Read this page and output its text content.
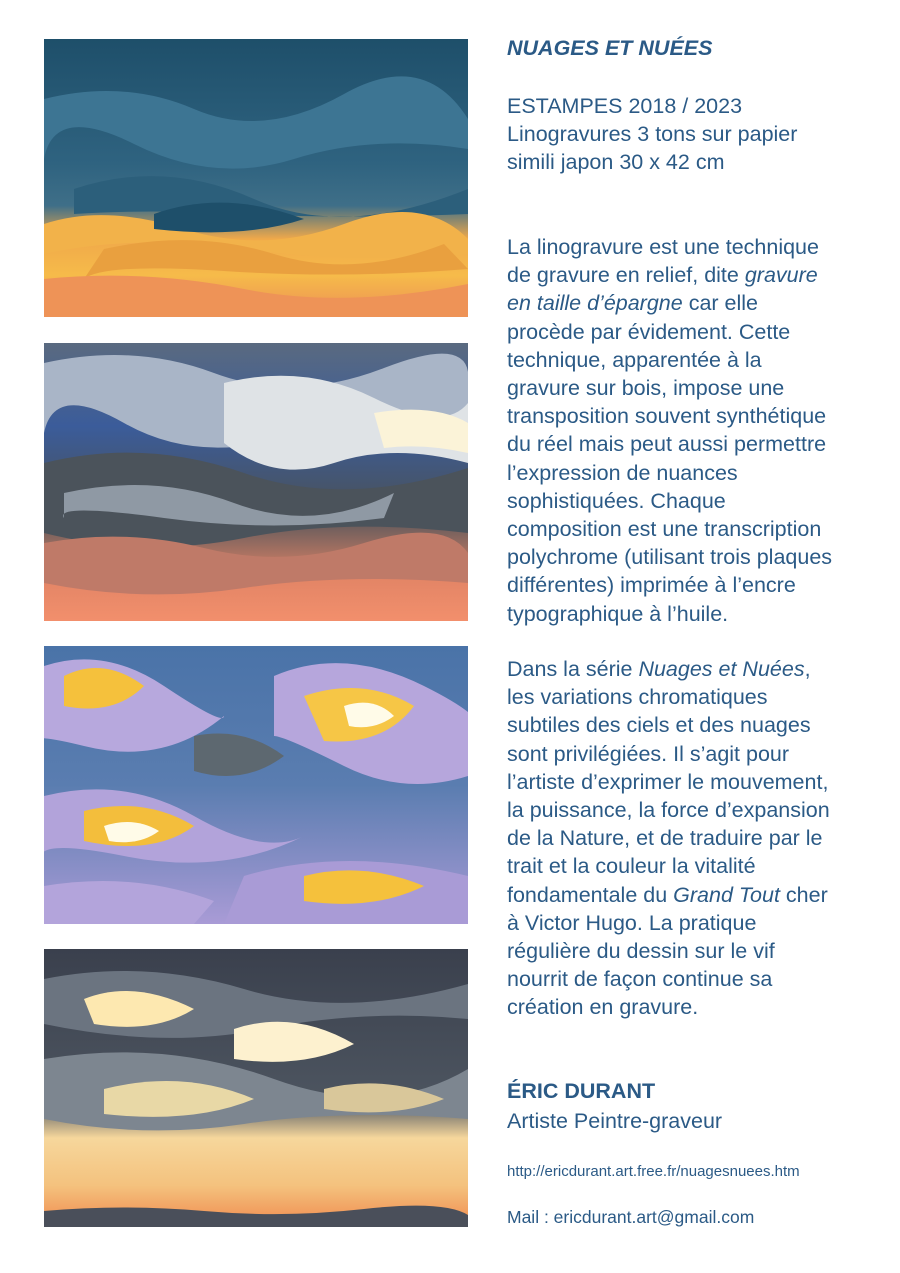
NUAGES ET NUÉES
ESTAMPES 2018 / 2023
Linogravures 3 tons sur papier
simili japon 30 x 42 cm
La linogravure est une technique
de gravure en relief, dite gravure
en taille d’épargne car elle
procède par évidement. Cette
technique, apparentée à la
gravure sur bois, impose une
transposition souvent synthétique
du réel mais peut aussi permettre
l’expression de nuances
sophistiquées. Chaque
composition est une transcription
polychrome (utilisant trois plaques
différentes) imprimée à l’encre
typographique à l’huile.
Dans la série Nuages et Nuées,
les variations chromatiques
subtiles des ciels et des nuages
sont privilégiées. Il s’agit pour
l’artiste d’exprimer le mouvement,
la puissance, la force d’expansion
de la Nature, et de traduire par le
trait et la couleur la vitalité
fondamentale du Grand Tout cher
à Victor Hugo. La pratique
régulière du dessin sur le vif
nourrit de façon continue sa
création en gravure.
ÉRIC DURANT
Artiste Peintre-graveur
http://ericdurant.art.free.fr/nuagesnuees.htm
Mail : ericdurant.art@gmail.com
